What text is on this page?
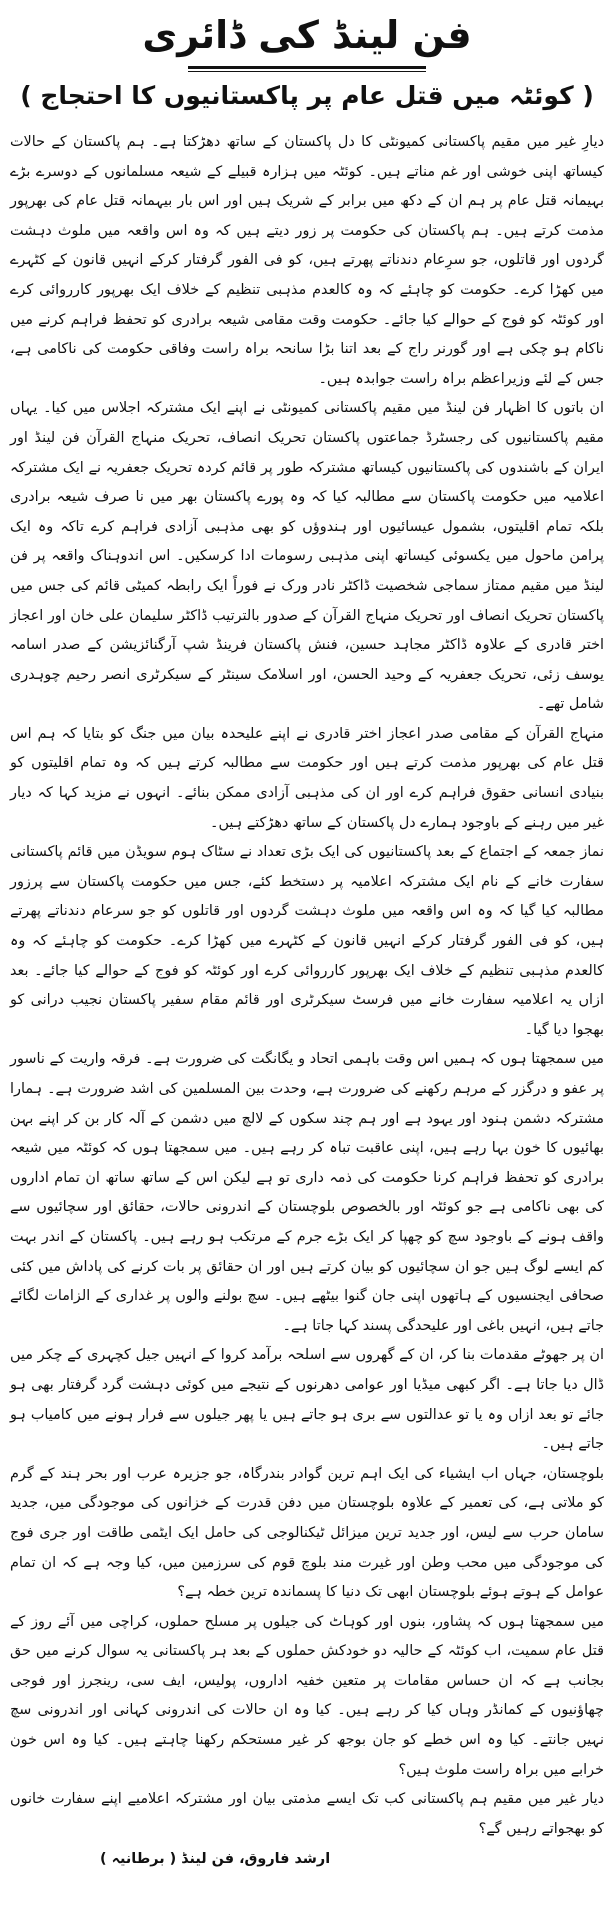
فن لینڈ کی ڈائری
( کوئٹہ میں قتل عام پر پاکستانیوں کا احتجاج )

دیارِ غیر میں مقیم پاکستانی کمیونٹی کا دل پاکستان کے ساتھ دھڑکتا ہے۔ ہم پاکستان کے حالات کیساتھ اپنی خوشی اور غم مناتے ہیں۔ کوئٹہ میں ہزارہ قبیلے کے شیعہ مسلمانوں کے دوسرے بڑے بہیمانہ قتل عام پر ہم ان کے دکھ میں برابر کے شریک ہیں اور اس بار بیہمانہ قتل عام کی بھرپور مذمت کرتے ہیں۔ ہم پاکستان کی حکومت پر زور دیتے ہیں کہ وہ اس واقعہ میں ملوث دہشت گردوں اور قاتلوں، جو سرِعام دندناتے پھرتے ہیں، کو فی الفور گرفتار کرکے انہیں قانون کے کٹہرے میں کھڑا کرے۔ حکومت کو چاہئے کہ وہ کالعدم مذہبی تنظیم کے خلاف ایک بھرپور کارروائی کرے اور کوئٹہ کو فوج کے حوالے کیا جائے۔ حکومت وقت مقامی شیعہ برادری کو تحفظ فراہم کرنے میں ناکام ہو چکی ہے اور گورنر راج کے بعد اتنا بڑا سانحہ براہ راست وفاقی حکومت کی ناکامی ہے، جس کے لئے وزیراعظم براہ راست جوابدہ ہیں۔

ان باتوں کا اظہار فن لینڈ میں مقیم پاکستانی کمیونٹی نے اپنے ایک مشترکہ اجلاس میں کیا۔ یہاں مقیم پاکستانیوں کی رجسٹرڈ جماعتوں پاکستان تحریک انصاف، تحریک منہاج القرآن فن لینڈ اور ایران کے باشندوں کی پاکستانیوں کیساتھ مشترکہ طور پر قائم کردہ تحریک جعفریہ نے ایک مشترکہ اعلامیہ میں حکومت پاکستان سے مطالبہ کیا کہ وہ پورے پاکستان بھر میں نا صرف شیعہ برادری بلکہ تمام اقلیتوں، بشمول عیسائیوں اور ہندوؤں کو بھی مذہبی آزادی فراہم کرے تاکہ وہ ایک پرامن ماحول میں یکسوئی کیساتھ اپنی مذہبی رسومات ادا کرسکیں۔ اس اندوہناک واقعہ پر فن لینڈ میں مقیم ممتاز سماجی شخصیت ڈاکٹر نادر ورک نے فوراً ایک رابطہ کمیٹی قائم کی جس میں پاکستان تحریک انصاف اور تحریک منہاج القرآن کے صدور بالترتیب ڈاکٹر سلیمان علی خان اور اعجاز اختر قادری کے علاوہ ڈاکٹر مجاہد حسین، فنش پاکستان فرینڈ شپ آرگنائزیشن کے صدر اسامہ یوسف زئی، تحریک جعفریہ کے وحید الحسن، اور اسلامک سینٹر کے سیکرٹری انصر رحیم چوہدری شامل تھے۔

منہاج القرآن کے مقامی صدر اعجاز اختر قادری نے اپنے علیحدہ بیان میں جنگ کو بتایا کہ ہم اس قتل عام کی بھرپور مذمت کرتے ہیں اور حکومت سے مطالبہ کرتے ہیں کہ وہ تمام اقلیتوں کو بنیادی انسانی حقوق فراہم کرے اور ان کی مذہبی آزادی ممکن بنائے۔ انہوں نے مزید کہا کہ دیار غیر میں رہنے کے باوجود ہمارے دل پاکستان کے ساتھ دھڑکتے ہیں۔

نماز جمعہ کے اجتماع کے بعد پاکستانیوں کی ایک بڑی تعداد نے سٹاک ہوم سویڈن میں قائم پاکستانی سفارت خانے کے نام ایک مشترکہ اعلامیہ پر دستخط کئے، جس میں حکومت پاکستان سے پرزور مطالبہ کیا گیا کہ وہ اس واقعہ میں ملوث دہشت گردوں اور قاتلوں کو جو سرعام دندناتے پھرتے ہیں، کو فی الفور گرفتار کرکے انہیں قانون کے کٹہرے میں کھڑا کرے۔ حکومت کو چاہئے کہ وہ کالعدم مذہبی تنظیم کے خلاف ایک بھرپور کارروائی کرے اور کوئٹہ کو فوج کے حوالے کیا جائے۔ بعد ازاں یہ اعلامیہ سفارت خانے میں فرسٹ سیکرٹری اور قائم مقام سفیر پاکستان نجیب درانی کو بھجوا دیا گیا۔

میں سمجھتا ہوں کہ ہمیں اس وقت باہمی اتحاد و یگانگت کی ضرورت ہے۔ فرقہ واریت کے ناسور پر عفو و درگزر کے مرہم رکھنے کی ضرورت ہے، وحدت بین المسلمین کی اشد ضرورت ہے۔ ہمارا مشترکہ دشمن ہنود اور یہود ہے اور ہم چند سکوں کے لالچ میں دشمن کے آلہ کار بن کر اپنے بہن بھائیوں کا خون بہا رہے ہیں، اپنی عاقبت تباہ کر رہے ہیں۔ میں سمجھتا ہوں کہ کوئٹہ میں شیعہ برادری کو تحفظ فراہم کرنا حکومت کی ذمہ داری تو ہے لیکن اس کے ساتھ ساتھ ان تمام اداروں کی بھی ناکامی ہے جو کوئٹہ اور بالخصوص بلوچستان کے اندرونی حالات، حقائق اور سچائیوں سے واقف ہونے کے باوجود سچ کو چھپا کر ایک بڑے جرم کے مرتکب ہو رہے ہیں۔ پاکستان کے اندر بہت کم ایسے لوگ ہیں جو ان سچائیوں کو بیان کرتے ہیں اور ان حقائق پر بات کرنے کی پاداش میں کئی صحافی ایجنسیوں کے ہاتھوں اپنی جان گنوا بیٹھے ہیں۔ سچ بولنے والوں پر غداری کے الزامات لگائے جاتے ہیں، انہیں باغی اور علیحدگی پسند کہا جاتا ہے۔

ان پر جھوٹے مقدمات بنا کر، ان کے گھروں سے اسلحہ برآمد کروا کے انہیں جیل کچہری کے چکر میں ڈال دیا جاتا ہے۔ اگر کبھی میڈیا اور عوامی دھرنوں کے نتیجے میں کوئی دہشت گرد گرفتار بھی ہو جائے تو بعد ازاں وہ یا تو عدالتوں سے بری ہو جاتے ہیں یا پھر جیلوں سے فرار ہونے میں کامیاب ہو جاتے ہیں۔

بلوچستان، جہاں اب ایشیاء کی ایک اہم ترین گوادر بندرگاہ، جو جزیرہ عرب اور بحر ہند کے گرم کو ملاتی ہے، کی تعمیر کے علاوہ بلوچستان میں دفن قدرت کے خزانوں کی موجودگی میں، جدید سامان حرب سے لیس، اور جدید ترین میزائل ٹیکنالوجی کی حامل ایک ایٹمی طاقت اور جری فوج کی موجودگی میں محب وطن اور غیرت مند بلوچ قوم کی سرزمین میں، کیا وجہ ہے کہ ان تمام عوامل کے ہوتے ہوئے بلوچستان ابھی تک دنیا کا پسماندہ ترین خطہ ہے؟

میں سمجھتا ہوں کہ پشاور، بنوں اور کوہاٹ کی جیلوں پر مسلح حملوں، کراچی میں آئے روز کے قتل عام سمیت، اب کوئٹہ کے حالیہ دو خودکش حملوں کے بعد ہر پاکستانی یہ سوال کرنے میں حق بجانب ہے کہ ان حساس مقامات پر متعین خفیہ اداروں، پولیس، ایف سی، رینجرز اور فوجی چھاؤنیوں کے کمانڈر وہاں کیا کر رہے ہیں۔ کیا وہ ان حالات کی اندرونی کہانی اور اندرونی سچ نہیں جانتے۔ کیا وہ اس خطے کو جان بوجھ کر غیر مستحکم رکھنا چاہتے ہیں۔ کیا وہ اس خون خرابے میں براہ راست ملوث ہیں؟

دیار غیر میں مقیم ہم پاکستانی کب تک ایسے مذمتی بیان اور مشترکہ اعلامیے اپنے سفارت خانوں کو بھجواتے رہیں گے؟

ارشد فاروق، فن لینڈ ( برطانیہ )
